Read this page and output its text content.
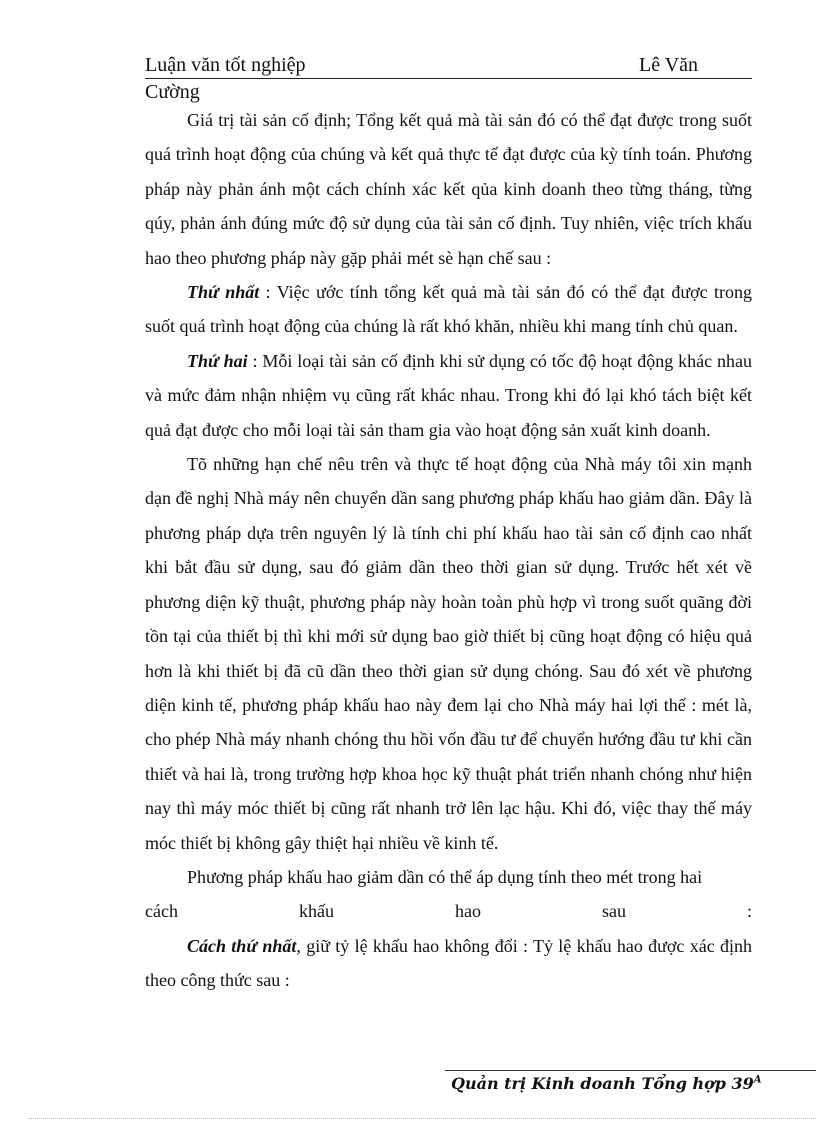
Luận văn tốt nghiệp	Lê Văn

Cường

Giá trị tài sản cố định; Tổng kết quả mà tài sản đó có thể đạt được trong suốt quá trình hoạt động của chúng và kết quả thực tế đạt được của kỳ tính toán. Phương pháp này phản ánh một cách chính xác kết qủa kinh doanh theo từng tháng, từng qúy, phản ánh đúng mức độ sử dụng của tài sản cố định. Tuy nhiên, việc trích khấu hao theo phương pháp này gặp phải mét sè hạn chế sau :

Thứ nhất : Việc ước tính tổng kết quả mà tài sản đó có thể đạt được trong suốt quá trình hoạt động của chúng là rất khó khăn, nhiều khi mang tính chủ quan.

Thứ hai : Mỗi loại tài sản cố định khi sử dụng có tốc độ hoạt động khác nhau và mức đảm nhận nhiệm vụ cũng rất khác nhau. Trong khi đó lại khó tách biệt kết quả đạt được cho mỗi loại tài sản tham gia vào hoạt động sản xuất kinh doanh.

Tõ những hạn chế nêu trên và thực tế hoạt động của Nhà máy tôi xin mạnh dạn đề nghị Nhà máy nên chuyển dần sang phương pháp khấu hao giảm dần. Đây là phương pháp dựa trên nguyên lý là tính chi phí khấu hao tài sản cố định cao nhất khi bắt đầu sử dụng, sau đó giảm dần theo thời gian sử dụng. Trước hết xét về phương diện kỹ thuật, phương pháp này hoàn toàn phù hợp vì trong suốt quãng đời tồn tại của thiết bị thì khi mới sử dụng bao giờ thiết bị cũng hoạt động có hiệu quả hơn là khi thiết bị đã cũ dần theo thời gian sử dụng chóng. Sau đó xét về phương diện kinh tế, phương pháp khấu hao này đem lại cho Nhà máy hai lợi thế : mét là, cho phép Nhà máy nhanh chóng thu hồi vốn đầu tư để chuyển hướng đầu tư khi cần thiết và hai là, trong trường hợp khoa học kỹ thuật phát triển nhanh chóng như hiện nay thì máy móc thiết bị cũng rất nhanh trở lên lạc hậu. Khi đó, việc thay thế máy móc thiết bị không gây thiệt hại nhiều về kinh tế.

Phương pháp khấu hao giảm dần có thể áp dụng tính theo mét trong hai

cách khấu hao sau :

Cách thứ nhất, giữ tỷ lệ khấu hao không đổi : Tỷ lệ khấu hao được xác định theo công thức sau :

Quản trị Kinh doanh Tổng hợp $39^A$
